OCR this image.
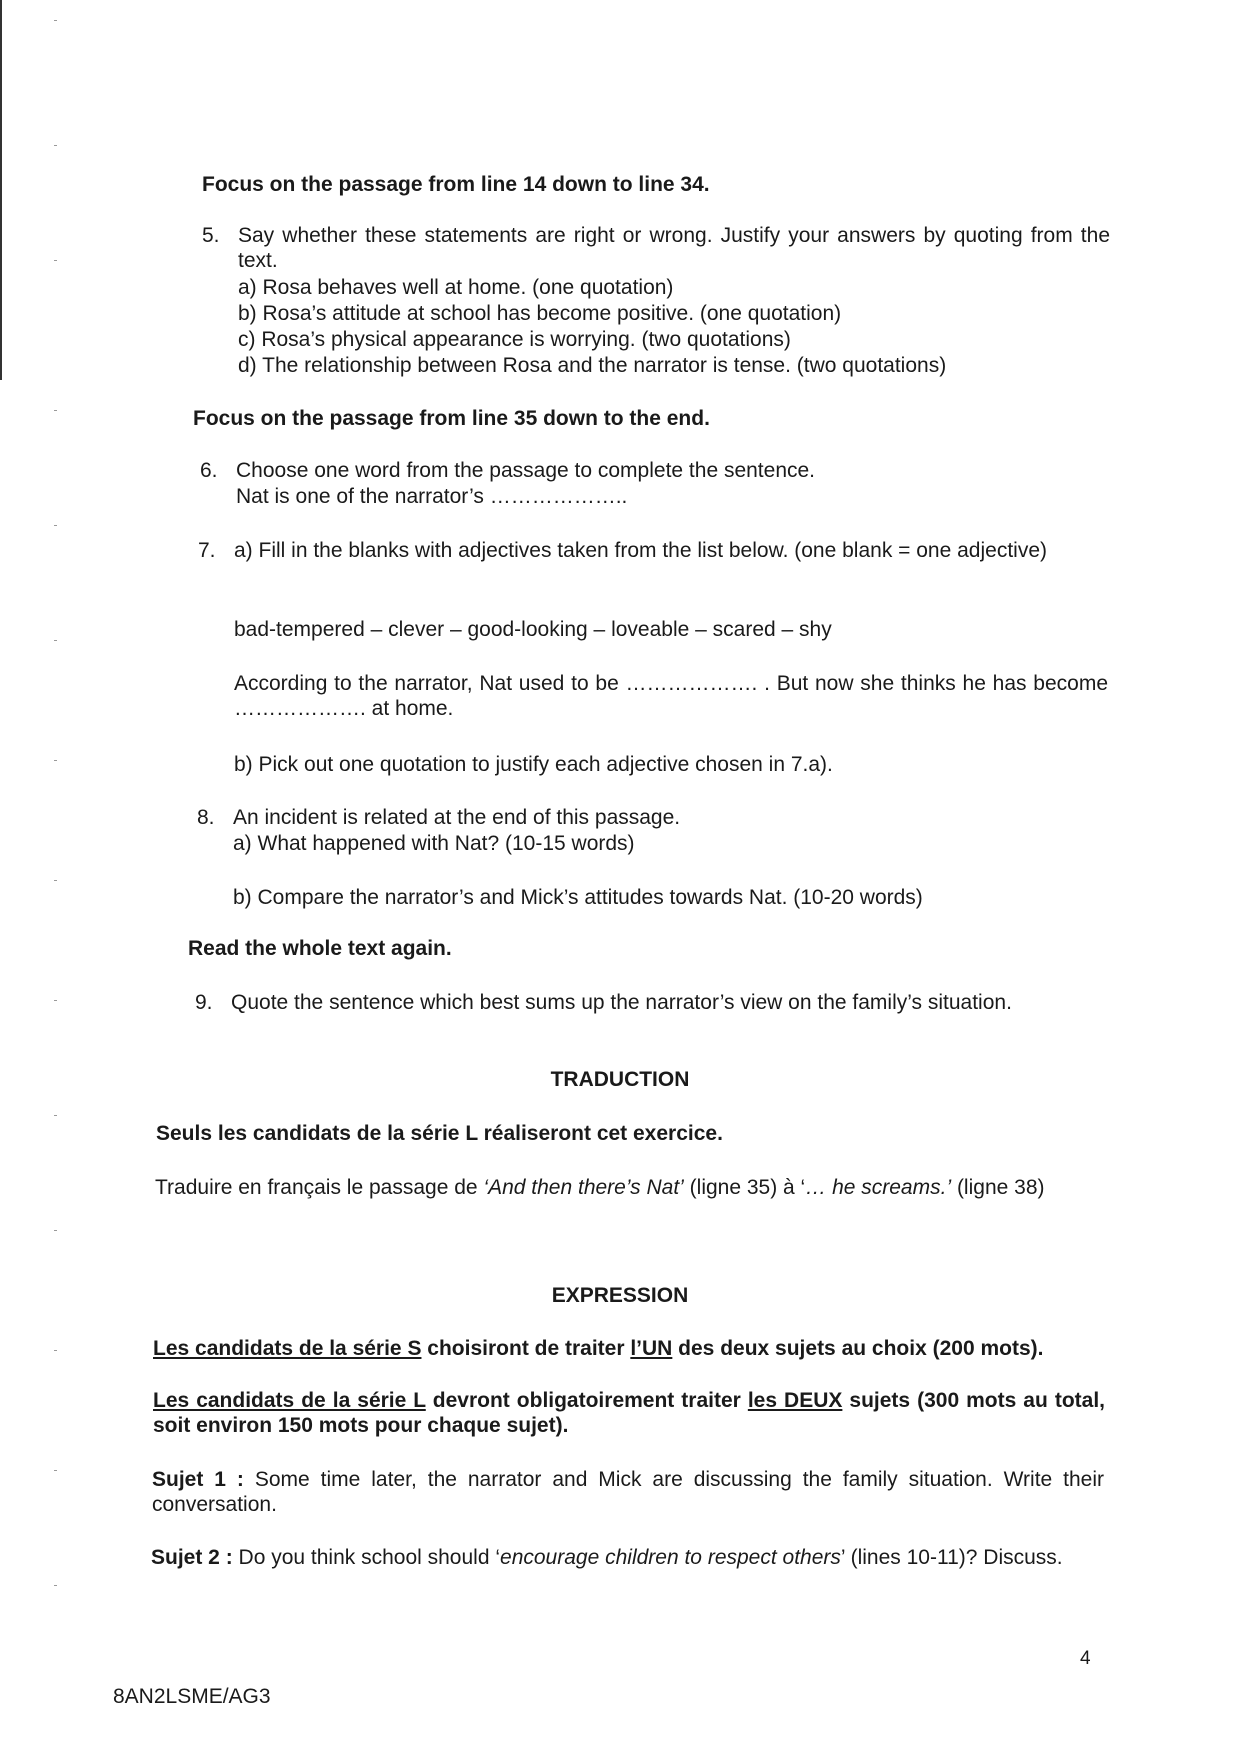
Focus on the passage from line 14 down to line 34.
5. Say whether these statements are right or wrong. Justify your answers by quoting from the text.
a) Rosa behaves well at home. (one quotation)
b) Rosa’s attitude at school has become positive. (one quotation)
c) Rosa’s physical appearance is worrying. (two quotations)
d) The relationship between Rosa and the narrator is tense. (two quotations)
Focus on the passage from line 35 down to the end.
6. Choose one word from the passage to complete the sentence.
Nat is one of the narrator’s ………………..
7. a) Fill in the blanks with adjectives taken from the list below. (one blank = one adjective)
bad-tempered – clever – good-looking – loveable – scared – shy
According to the narrator, Nat used to be ………………. . But now she thinks he has become ………………. at home.
b) Pick out one quotation to justify each adjective chosen in 7.a).
8. An incident is related at the end of this passage.
a) What happened with Nat? (10-15 words)
b) Compare the narrator’s and Mick’s attitudes towards Nat. (10-20 words)
Read the whole text again.
9. Quote the sentence which best sums up the narrator’s view on the family’s situation.
TRADUCTION
Seuls les candidats de la série L réaliseront cet exercice.
Traduire en français le passage de ‘And then there’s Nat’ (ligne 35) à ‘… he screams.’ (ligne 38)
EXPRESSION
Les candidats de la série S choisiront de traiter l’UN des deux sujets au choix (200 mots).
Les candidats de la série L devront obligatoirement traiter les DEUX sujets (300 mots au total, soit environ 150 mots pour chaque sujet).
Sujet 1 : Some time later, the narrator and Mick are discussing the family situation. Write their conversation.
Sujet 2 : Do you think school should ‘encourage children to respect others’ (lines 10-11)? Discuss.
8AN2LSME/AG3
4
